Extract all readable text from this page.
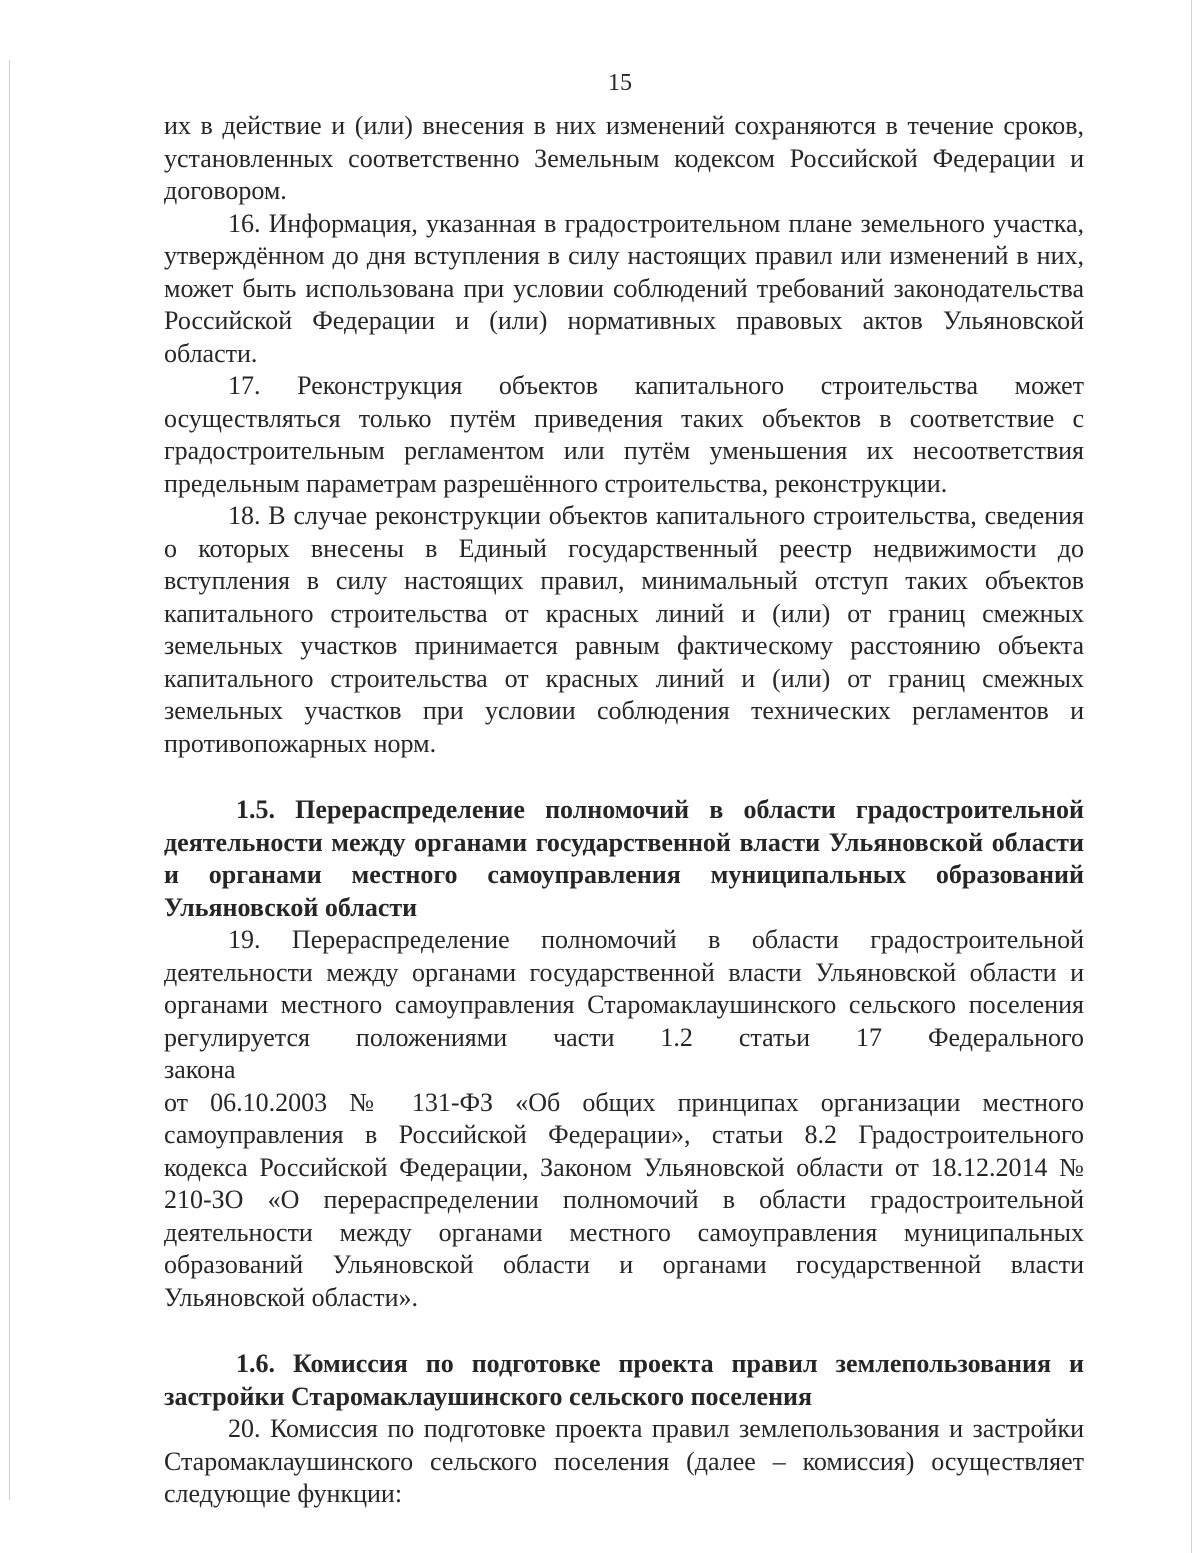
15

их в действие и (или) внесения в них изменений сохраняются в течение сроков, установленных соответственно Земельным кодексом Российской Федерации и договором.

16. Информация, указанная в градостроительном плане земельного участка, утверждённом до дня вступления в силу настоящих правил или изменений в них, может быть использована при условии соблюдений требований законодательства Российской Федерации и (или) нормативных правовых актов Ульяновской области.

17. Реконструкция объектов капитального строительства может осуществляться только путём приведения таких объектов в соответствие с градостроительным регламентом или путём уменьшения их несоответствия предельным параметрам разрешённого строительства, реконструкции.

18. В случае реконструкции объектов капитального строительства, сведения о которых внесены в Единый государственный реестр недвижимости до вступления в силу настоящих правил, минимальный отступ таких объектов капитального строительства от красных линий и (или) от границ смежных земельных участков принимается равным фактическому расстоянию объекта капитального строительства от красных линий и (или) от границ смежных земельных участков при условии соблюдения технических регламентов и противопожарных норм.

1.5. Перераспределение полномочий в области градостроительной деятельности между органами государственной власти Ульяновской области и органами местного самоуправления муниципальных образований Ульяновской области

19. Перераспределение полномочий в области градостроительной деятельности между органами государственной власти Ульяновской области и органами местного самоуправления Старомаклаушинского сельского поселения регулируется положениями части 1.2 статьи 17 Федерального

закона

от 06.10.2003 № 131-ФЗ «Об общих принципах организации местного самоуправления в Российской Федерации», статьи 8.2 Градостроительного кодекса Российской Федерации, Законом Ульяновской области от 18.12.2014 № 210-ЗО «О перераспределении полномочий в области градостроительной деятельности между органами местного самоуправления муниципальных образований Ульяновской области и органами государственной власти Ульяновской области».

1.6. Комиссия по подготовке проекта правил землепользования и застройки Старомаклаушинского сельского поселения

20. Комиссия по подготовке проекта правил землепользования и застройки Старомаклаушинского сельского поселения (далее – комиссия) осуществляет следующие функции:
